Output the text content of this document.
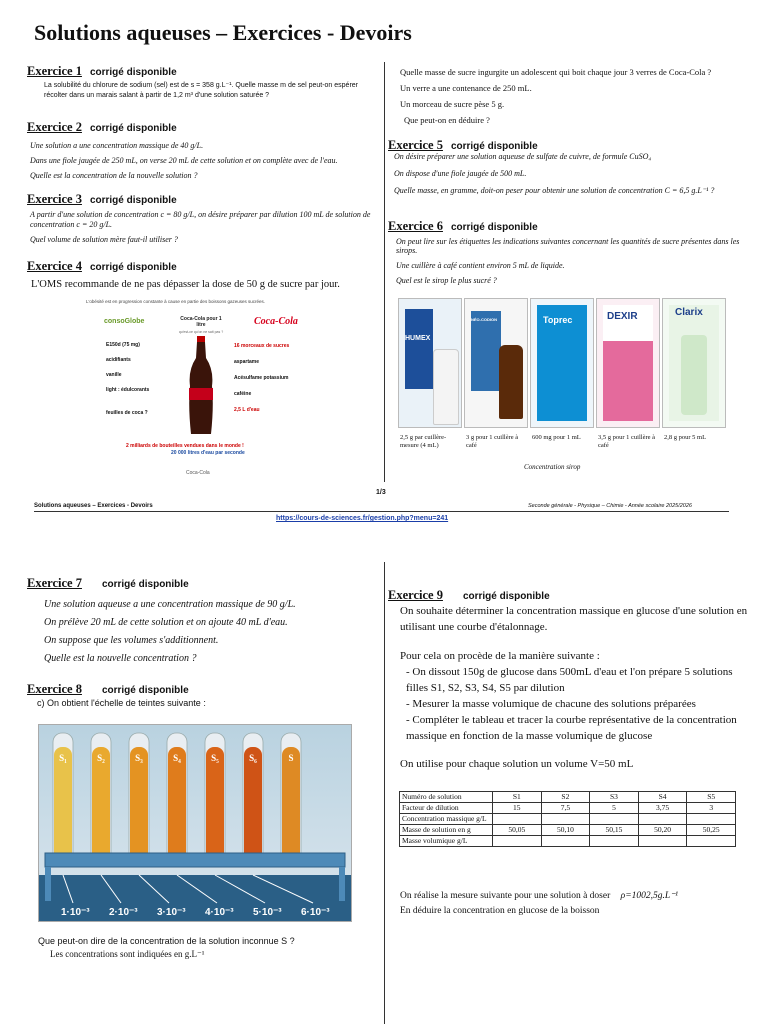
Solutions aqueuses – Exercices - Devoirs
Exercice 1 corrigé disponible
La solubilité du chlorure de sodium (sel) est de s = 358 g.L⁻¹. Quelle masse m de sel peut-on espérer récolter dans un marais salant à partir de 1,2 m³ d'une solution saturée ?
Exercice 2 corrigé disponible
Une solution a une concentration massique de 40 g/L.
Dans une fiole jaugée de 250 mL, on verse 20 mL de cette solution et on complète avec de l'eau.
Quelle est la concentration de la nouvelle solution ?
Exercice 3 corrigé disponible
A partir d'une solution de concentration c = 80 g/L, on désire préparer par dilution 100 mL de solution de concentration c = 20 g/L.
Quel volume de solution mère faut-il utiliser ?
Exercice 4 corrigé disponible
L'OMS recommande de ne pas dépasser la dose de 50 g de sucre par jour.
L'obésité est en progression constante à cause en partie des boissons gazeuses sucrées.
consoGlobe	Coca-Cola pour 1 litre
qu'est-ce qu'on ne sait pas ?
Coca-Cola
E150d (75 mg)
acidifiants
vanille
light : édulcorants
feuilles de coca ?
16 morceaux de sucres
aspartame
Acésulfame potassium
caféine
2,5 L d'eau
2 milliards de bouteilles vendues dans le monde !
20 000 litres d'eau par seconde
Coca-Cola
Quelle masse de sucre ingurgite un adolescent qui boit chaque jour 3 verres de Coca-Cola ?
Un verre a une contenance de 250 mL.
Un morceau de sucre pèse 5 g.
Que peut-on en déduire ?
Exercice 5 corrigé disponible
On désire préparer une solution aqueuse de sulfate de cuivre, de formule CuSO₄
On dispose d'une fiole jaugée de 500 mL.
Quelle masse, en gramme, doit-on peser pour obtenir une solution de concentration C = 6,5 g.L⁻¹ ?
Exercice 6 corrigé disponible
On peut lire sur les étiquettes les indications suivantes concernant les quantités de sucre présentes dans les sirops.
Une cuillère à café contient environ 5 mL de liquide.
Quel est le sirop le plus sucré ?
HUMEX
NÉO-CODION	Toprec	DEXIR	Clarix
2,5 g par cuillère-mesure (4 mL)
3 g pour 1 cuillère à café
600 mg pour 1 mL	3,5 g pour 1 cuillère à café
2,8 g pour 5 mL
Concentration sirop
1/3
Solutions aqueuses – Exercices - Devoirs	Seconde générale - Physique – Chimie - Année scolaire 2025/2026
https://cours-de-sciences.fr/gestion.php?menu=241
Exercice 7 corrigé disponible
Une solution aqueuse a une concentration massique de 90 g/L.
On prélève 20 mL de cette solution et on ajoute 40 mL d'eau.
On suppose que les volumes s'additionnent.
Quelle est la nouvelle concentration ?
Exercice 8 corrigé disponible
c) On obtient l'échelle de teintes suivante :
S₁	S₂	S₃	S₄	S₅	S₆	S
1·10⁻³ 2·10⁻³ 3·10⁻³ 4·10⁻³ 5·10⁻³ 6·10⁻³
Que peut-on dire de la concentration de la solution inconnue S ?
Les concentrations sont indiquées en g.L⁻¹
Exercice 9 corrigé disponible
On souhaite déterminer la concentration massique en glucose d'une solution en utilisant une courbe d'étalonnage.
Pour cela on procède de la manière suivante :
- On dissout 150g de glucose dans 500mL d'eau et l'on prépare 5 solutions filles S1, S2, S3, S4, S5 par dilution
- Mesurer la masse volumique de chacune des solutions préparées
- Compléter le tableau et tracer la courbe représentative de la concentration massique en fonction de la masse volumique de glucose
On utilise pour chaque solution un volume V=50 mL
Numéro de solution	S1	S2	S3	S4	S5
Facteur de dilution	15	7,5	5	3,75	3
Concentration massique g/L					
Masse de solution en g	50,05	50,10	50,15	50,20	50,25
Masse volumique g/L					
On réalise la mesure suivante pour une solution à doser ρ=1002,5g.L⁻¹
En déduire la concentration en glucose de la boisson
